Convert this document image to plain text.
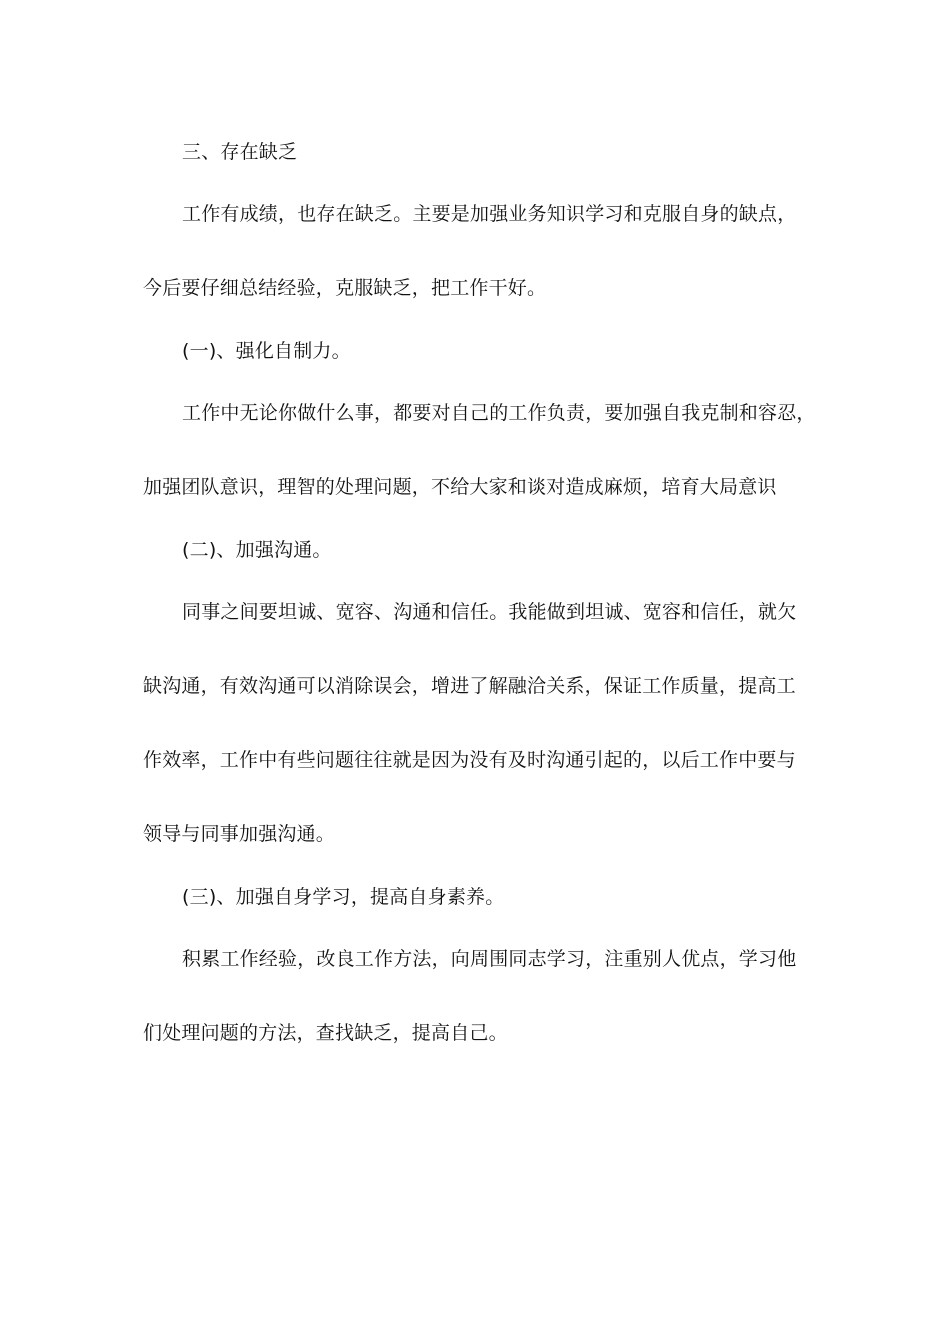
三、存在缺乏
工作有成绩，也存在缺乏。主要是加强业务知识学习和克服自身的缺点，
今后要仔细总结经验，克服缺乏，把工作干好。
(一)、强化自制力。
工作中无论你做什么事，都要对自己的工作负责，要加强自我克制和容忍，
加强团队意识，理智的处理问题，不给大家和谈对造成麻烦，培育大局意识
(二)、加强沟通。
同事之间要坦诚、宽容、沟通和信任。我能做到坦诚、宽容和信任，就欠
缺沟通，有效沟通可以消除误会，增进了解融洽关系，保证工作质量，提高工
作效率，工作中有些问题往往就是因为没有及时沟通引起的，以后工作中要与
领导与同事加强沟通。
(三)、加强自身学习，提高自身素养。
积累工作经验，改良工作方法，向周围同志学习，注重别人优点，学习他
们处理问题的方法，查找缺乏，提高自己。
